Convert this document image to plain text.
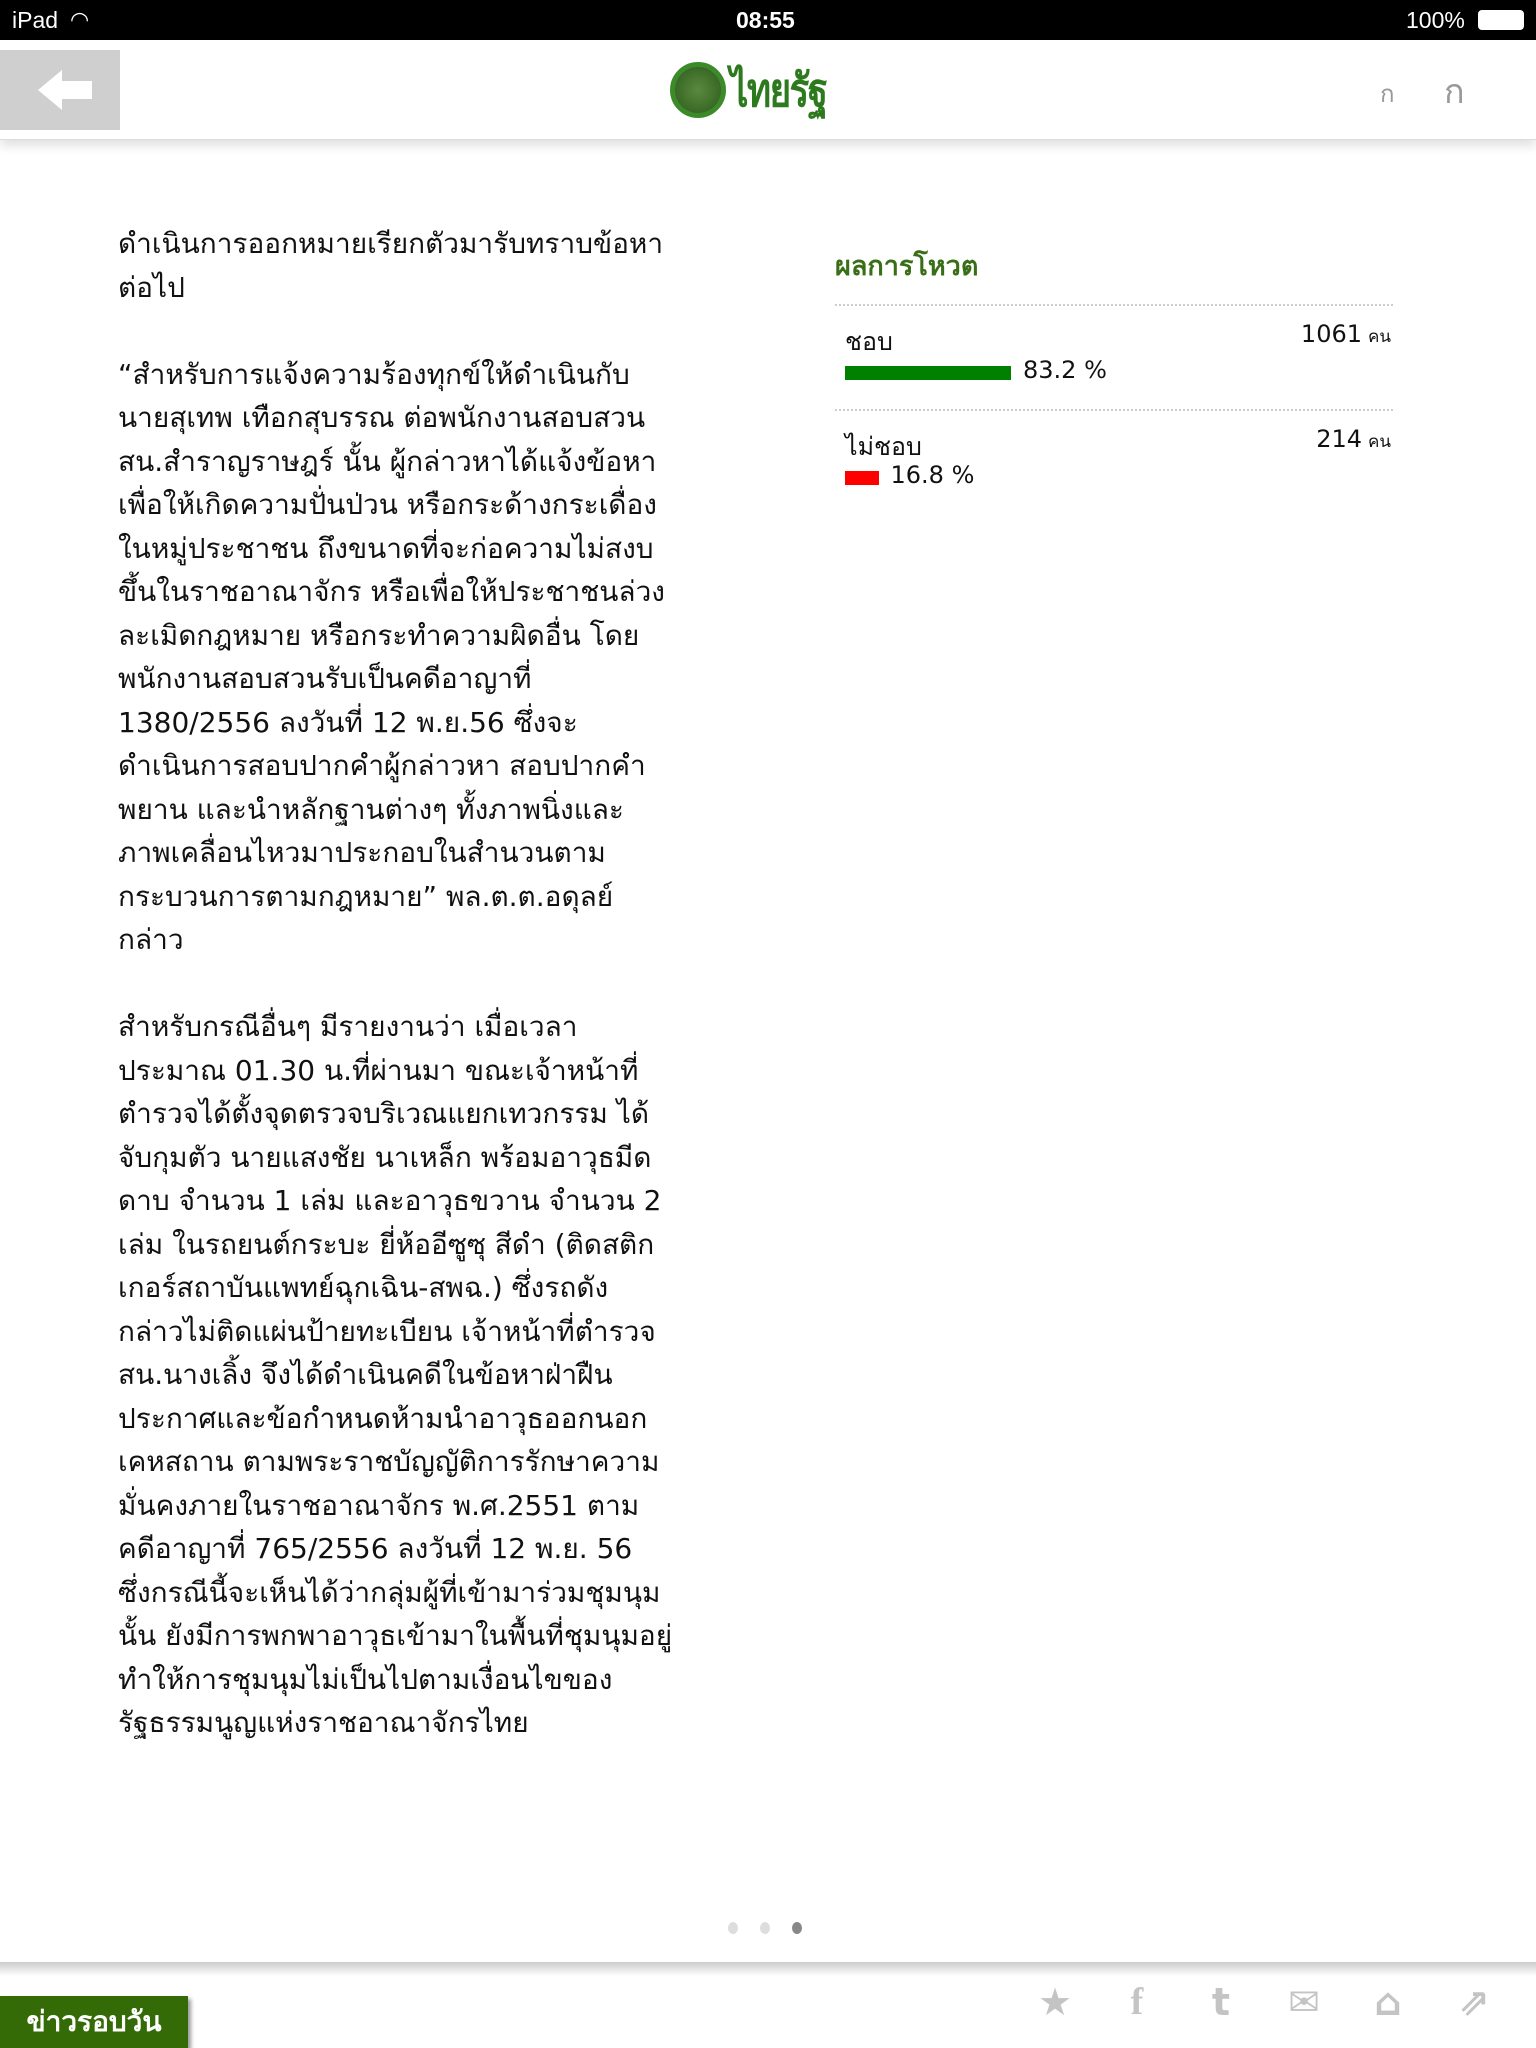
iPad ◠	08:55	100%
ไทยรัฐ	ก ก

ดำเนินการออกหมายเรียกตัวมารับทราบข้อหา
ต่อไป

“สำหรับการแจ้งความร้องทุกข์ให้ดำเนินกับ
นายสุเทพ เทือกสุบรรณ ต่อพนักงานสอบสวน
สน.สำราญราษฎร์ นั้น ผู้กล่าวหาได้แจ้งข้อหา
เพื่อให้เกิดความปั่นป่วน หรือกระด้างกระเดื่อง
ในหมู่ประชาชน ถึงขนาดที่จะก่อความไม่สงบ
ขึ้นในราชอาณาจักร หรือเพื่อให้ประชาชนล่วง
ละเมิดกฎหมาย หรือกระทำความผิดอื่น โดย
พนักงานสอบสวนรับเป็นคดีอาญาที่
1380/2556 ลงวันที่ 12 พ.ย.56 ซึ่งจะ
ดำเนินการสอบปากคำผู้กล่าวหา สอบปากคำ
พยาน และนำหลักฐานต่างๆ ทั้งภาพนิ่งและ
ภาพเคลื่อนไหวมาประกอบในสำนวนตาม
กระบวนการตามกฎหมาย” พล.ต.ต.อดุลย์
กล่าว

สำหรับกรณีอื่นๆ มีรายงานว่า เมื่อเวลา
ประมาณ 01.30 น.ที่ผ่านมา ขณะเจ้าหน้าที่
ตำรวจได้ตั้งจุดตรวจบริเวณแยกเทวกรรม ได้
จับกุมตัว นายแสงชัย นาเหล็ก พร้อมอาวุธมีด
ดาบ จำนวน 1 เล่ม และอาวุธขวาน จำนวน 2
เล่ม ในรถยนต์กระบะ ยี่ห้ออีซูซุ สีดำ (ติดสติก
เกอร์สถาบันแพทย์ฉุกเฉิน-สพฉ.) ซึ่งรถดัง
กล่าวไม่ติดแผ่นป้ายทะเบียน เจ้าหน้าที่ตำรวจ
สน.นางเลิ้ง จึงได้ดำเนินคดีในข้อหาฝ่าฝืน
ประกาศและข้อกำหนดห้ามนำอาวุธออกนอก
เคหสถาน ตามพระราชบัญญัติการรักษาความ
มั่นคงภายในราชอาณาจักร พ.ศ.2551 ตาม
คดีอาญาที่ 765/2556 ลงวันที่ 12 พ.ย. 56
ซึ่งกรณีนี้จะเห็นได้ว่ากลุ่มผู้ที่เข้ามาร่วมชุมนุม
นั้น ยังมีการพกพาอาวุธเข้ามาในพื้นที่ชุมนุมอยู่
ทำให้การชุมนุมไม่เป็นไปตามเงื่อนไขของ
รัฐธรรมนูญแห่งราชอาณาจักรไทย

ผลการโหวต
ชอบ	1061 คน
83.2 %
ไม่ชอบ	214 คน
16.8 %
ข่าวรอบวัน	★	f	t	✉ ⌂	⇗
